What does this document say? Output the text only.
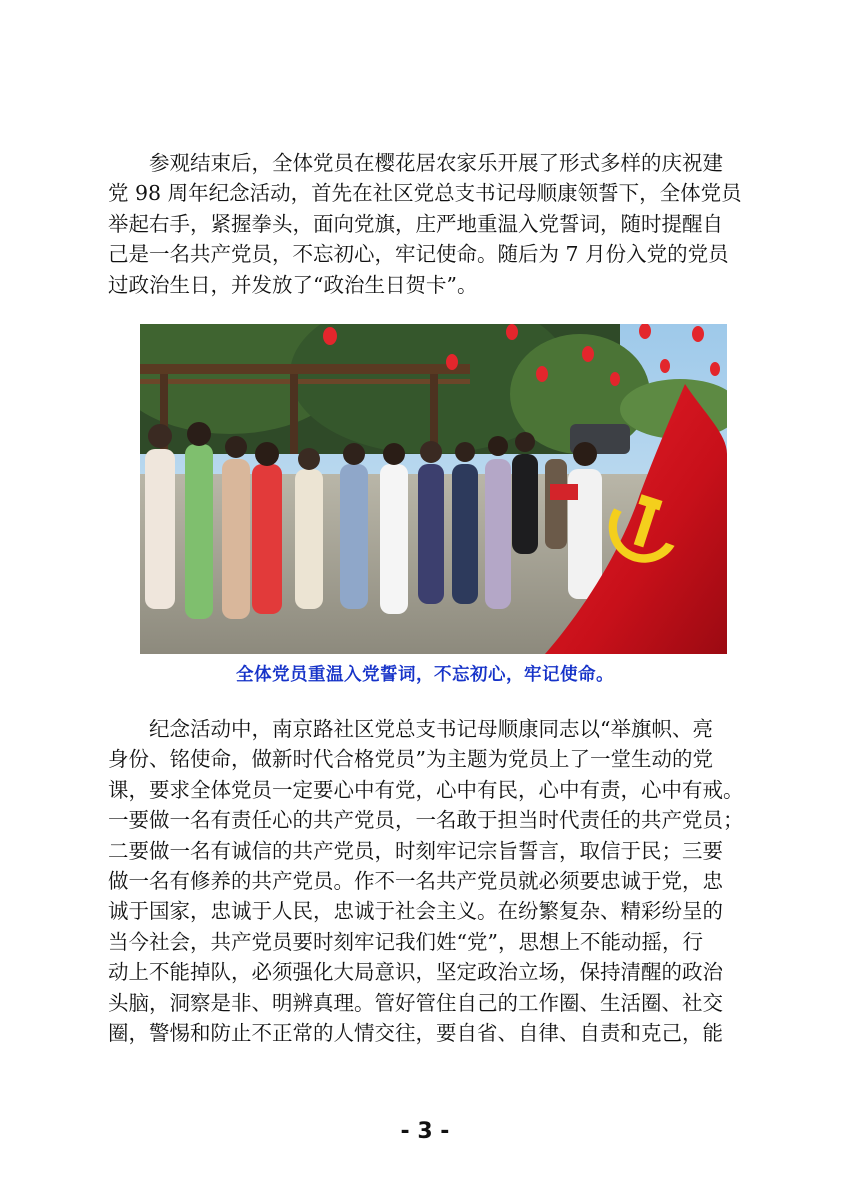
参观结束后，全体党员在樱花居农家乐开展了形式多样的庆祝建
党 98 周年纪念活动，首先在社区党总支书记母顺康领誓下，全体党员
举起右手，紧握拳头，面向党旗，庄严地重温入党誓词，随时提醒自
己是一名共产党员，不忘初心，牢记使命。随后为 7 月份入党的党员
过政治生日，并发放了“政治生日贺卡”。
全体党员重温入党誓词，不忘初心，牢记使命。
纪念活动中，南京路社区党总支书记母顺康同志以“举旗帜、亮
身份、铭使命，做新时代合格党员”为主题为党员上了一堂生动的党
课，要求全体党员一定要心中有党，心中有民，心中有责，心中有戒。
一要做一名有责任心的共产党员，一名敢于担当时代责任的共产党员；
二要做一名有诚信的共产党员，时刻牢记宗旨誓言，取信于民；三要
做一名有修养的共产党员。作不一名共产党员就必须要忠诚于党，忠
诚于国家，忠诚于人民，忠诚于社会主义。在纷繁复杂、精彩纷呈的
当今社会，共产党员要时刻牢记我们姓“党”，思想上不能动摇，行
动上不能掉队，必须强化大局意识，坚定政治立场，保持清醒的政治
头脑，洞察是非、明辨真理。管好管住自己的工作圈、生活圈、社交
圈，警惕和防止不正常的人情交往，要自省、自律、自责和克己，能
- 3 -
